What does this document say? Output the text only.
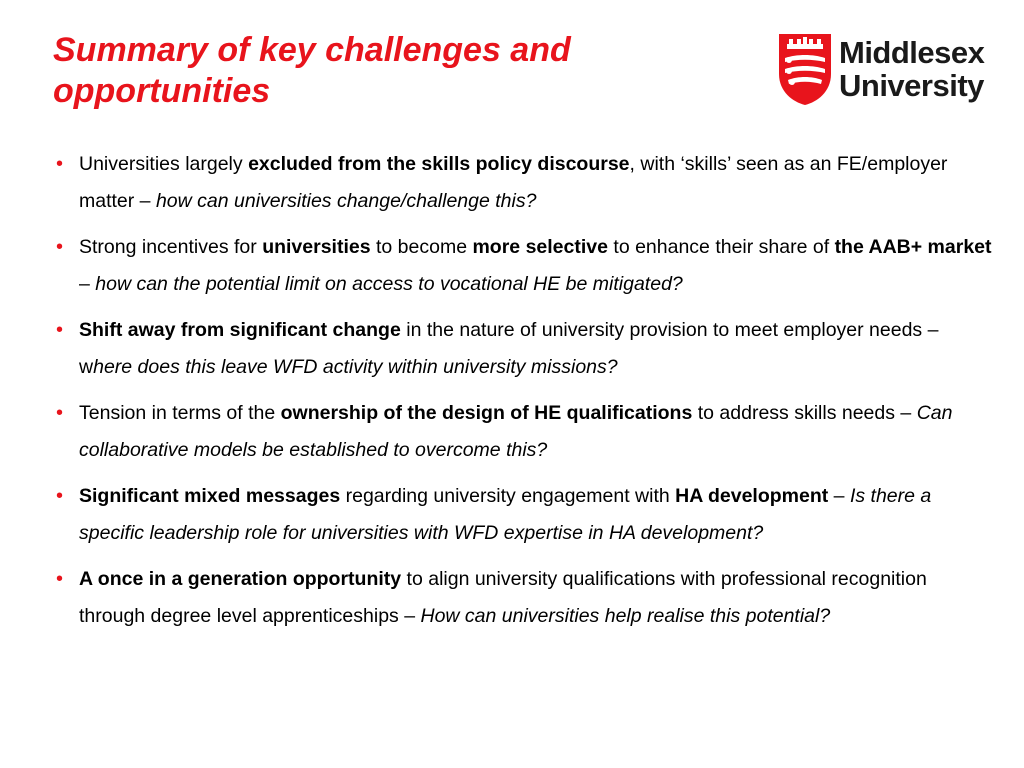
Summary of key challenges and opportunities
Middlesex
University
• Universities largely excluded from the skills policy discourse, with ‘skills’ seen as an FE/employer matter – how can universities change/challenge this?
• Strong incentives for universities to become more selective to enhance their share of the AAB+ market – how can the potential limit on access to vocational HE be mitigated?
• Shift away from significant change in the nature of university provision to meet employer needs – where does this leave WFD activity within university missions?
• Tension in terms of the ownership of the design of HE qualifications to address skills needs – Can collaborative models be established to overcome this?
• Significant mixed messages regarding university engagement with HA development – Is there a specific leadership role for universities with WFD expertise in HA development?
• A once in a generation opportunity to align university qualifications with professional recognition through degree level apprenticeships – How can universities help realise this potential?
